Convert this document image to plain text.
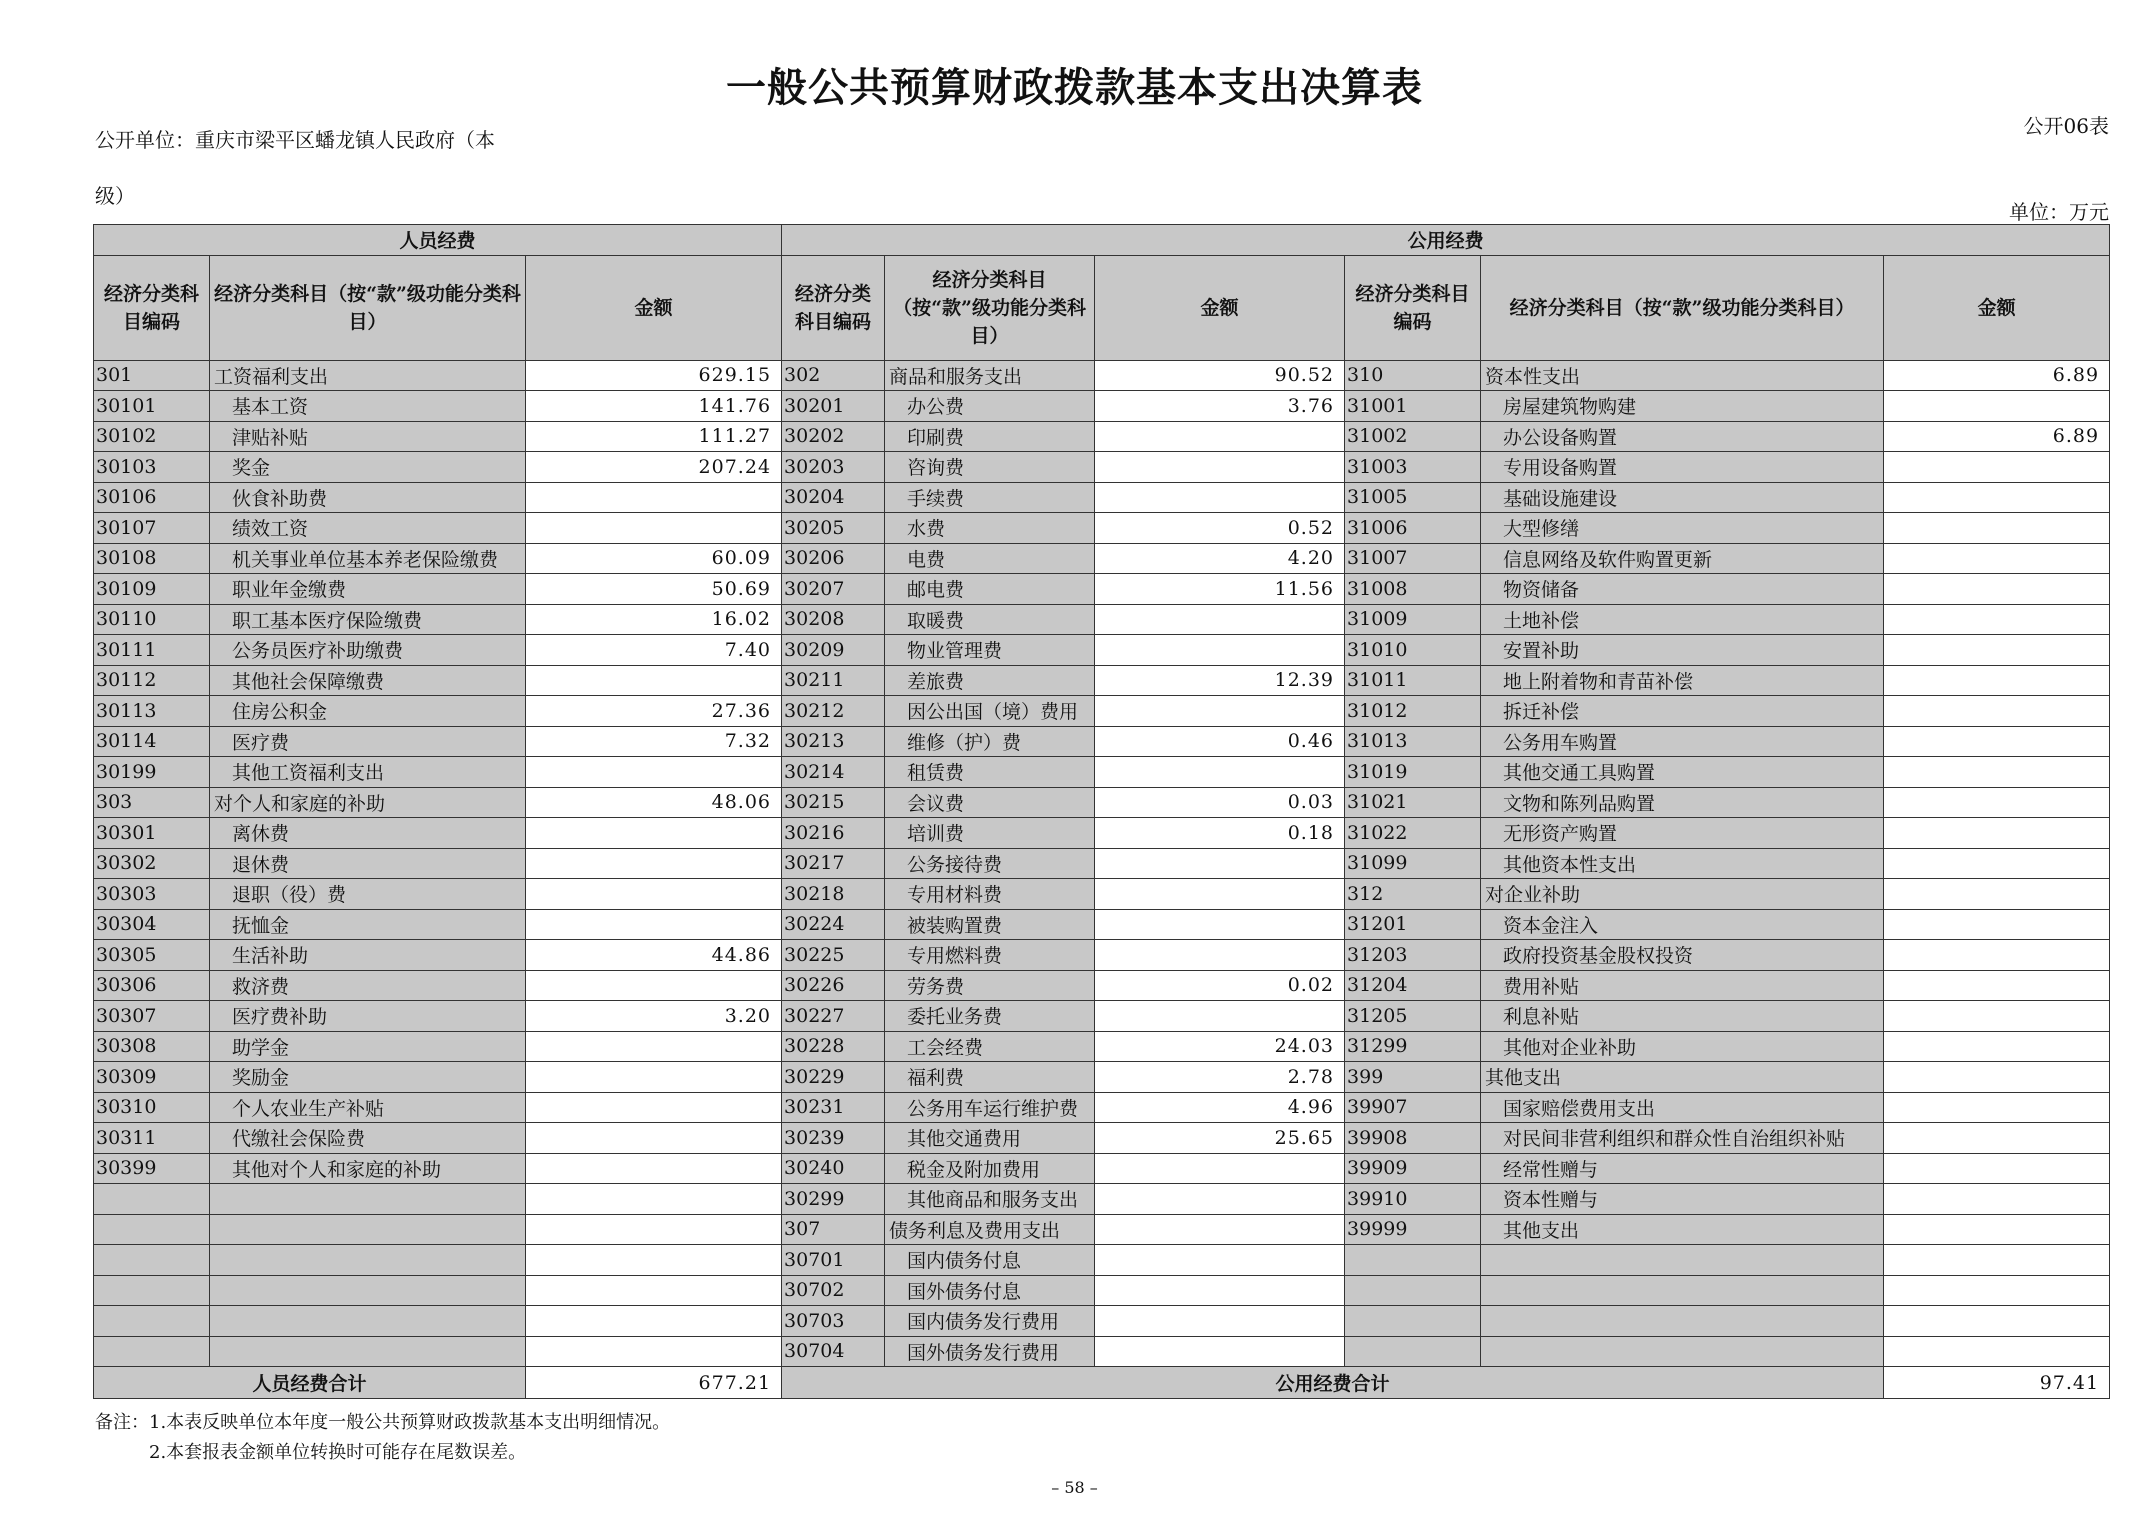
一般公共预算财政拨款基本支出决算表
公开单位：重庆市梁平区蟠龙镇人民政府（本
级）
公开06表
单位：万元
人员经费			公用经费					
经济分类科目编码	经济分类科目（按“款”级功能分类科目）	金额	经济分类科目编码	经济分类科目（按“款”级功能分类科目）	金额	经济分类科目编码	经济分类科目（按“款”级功能分类科目）	金额
301	工资福利支出	629.15	302	商品和服务支出	90.52	310	资本性支出	6.89
30101	基本工资	141.76	30201	办公费	3.76	31001	房屋建筑物购建	
30102	津贴补贴	111.27	30202	印刷费		31002	办公设备购置	6.89
30103	奖金	207.24	30203	咨询费		31003	专用设备购置	
30106	伙食补助费		30204	手续费		31005	基础设施建设	
30107	绩效工资		30205	水费	0.52	31006	大型修缮	
30108	机关事业单位基本养老保险缴费	60.09	30206	电费	4.20	31007	信息网络及软件购置更新	
30109	职业年金缴费	50.69	30207	邮电费	11.56	31008	物资储备	
30110	职工基本医疗保险缴费	16.02	30208	取暖费		31009	土地补偿	
30111	公务员医疗补助缴费	7.40	30209	物业管理费		31010	安置补助	
30112	其他社会保障缴费		30211	差旅费	12.39	31011	地上附着物和青苗补偿	
30113	住房公积金	27.36	30212	因公出国（境）费用		31012	拆迁补偿	
30114	医疗费	7.32	30213	维修（护）费	0.46	31013	公务用车购置	
30199	其他工资福利支出		30214	租赁费		31019	其他交通工具购置	
303	对个人和家庭的补助	48.06	30215	会议费	0.03	31021	文物和陈列品购置	
30301	离休费		30216	培训费	0.18	31022	无形资产购置	
30302	退休费		30217	公务接待费		31099	其他资本性支出	
30303	退职（役）费		30218	专用材料费		312	对企业补助	
30304	抚恤金		30224	被装购置费		31201	资本金注入	
30305	生活补助	44.86	30225	专用燃料费		31203	政府投资基金股权投资	
30306	救济费		30226	劳务费	0.02	31204	费用补贴	
30307	医疗费补助	3.20	30227	委托业务费		31205	利息补贴	
30308	助学金		30228	工会经费	24.03	31299	其他对企业补助	
30309	奖励金		30229	福利费	2.78	399	其他支出	
30310	个人农业生产补贴		30231	公务用车运行维护费	4.96	39907	国家赔偿费用支出	
30311	代缴社会保险费		30239	其他交通费用	25.65	39908	对民间非营利组织和群众性自治组织补贴	
30399	其他对个人和家庭的补助		30240	税金及附加费用		39909	经常性赠与	
			30299	其他商品和服务支出		39910	资本性赠与	
			307	债务利息及费用支出		39999	其他支出	
			30701	国内债务付息				
			30702	国外债务付息				
			30703	国内债务发行费用				
			30704	国外债务发行费用				
人员经费合计		677.21	公用经费合计					97.41
备注：1.本表反映单位本年度一般公共预算财政拨款基本支出明细情况。
2.本套报表金额单位转换时可能存在尾数误差。
– 58 –
